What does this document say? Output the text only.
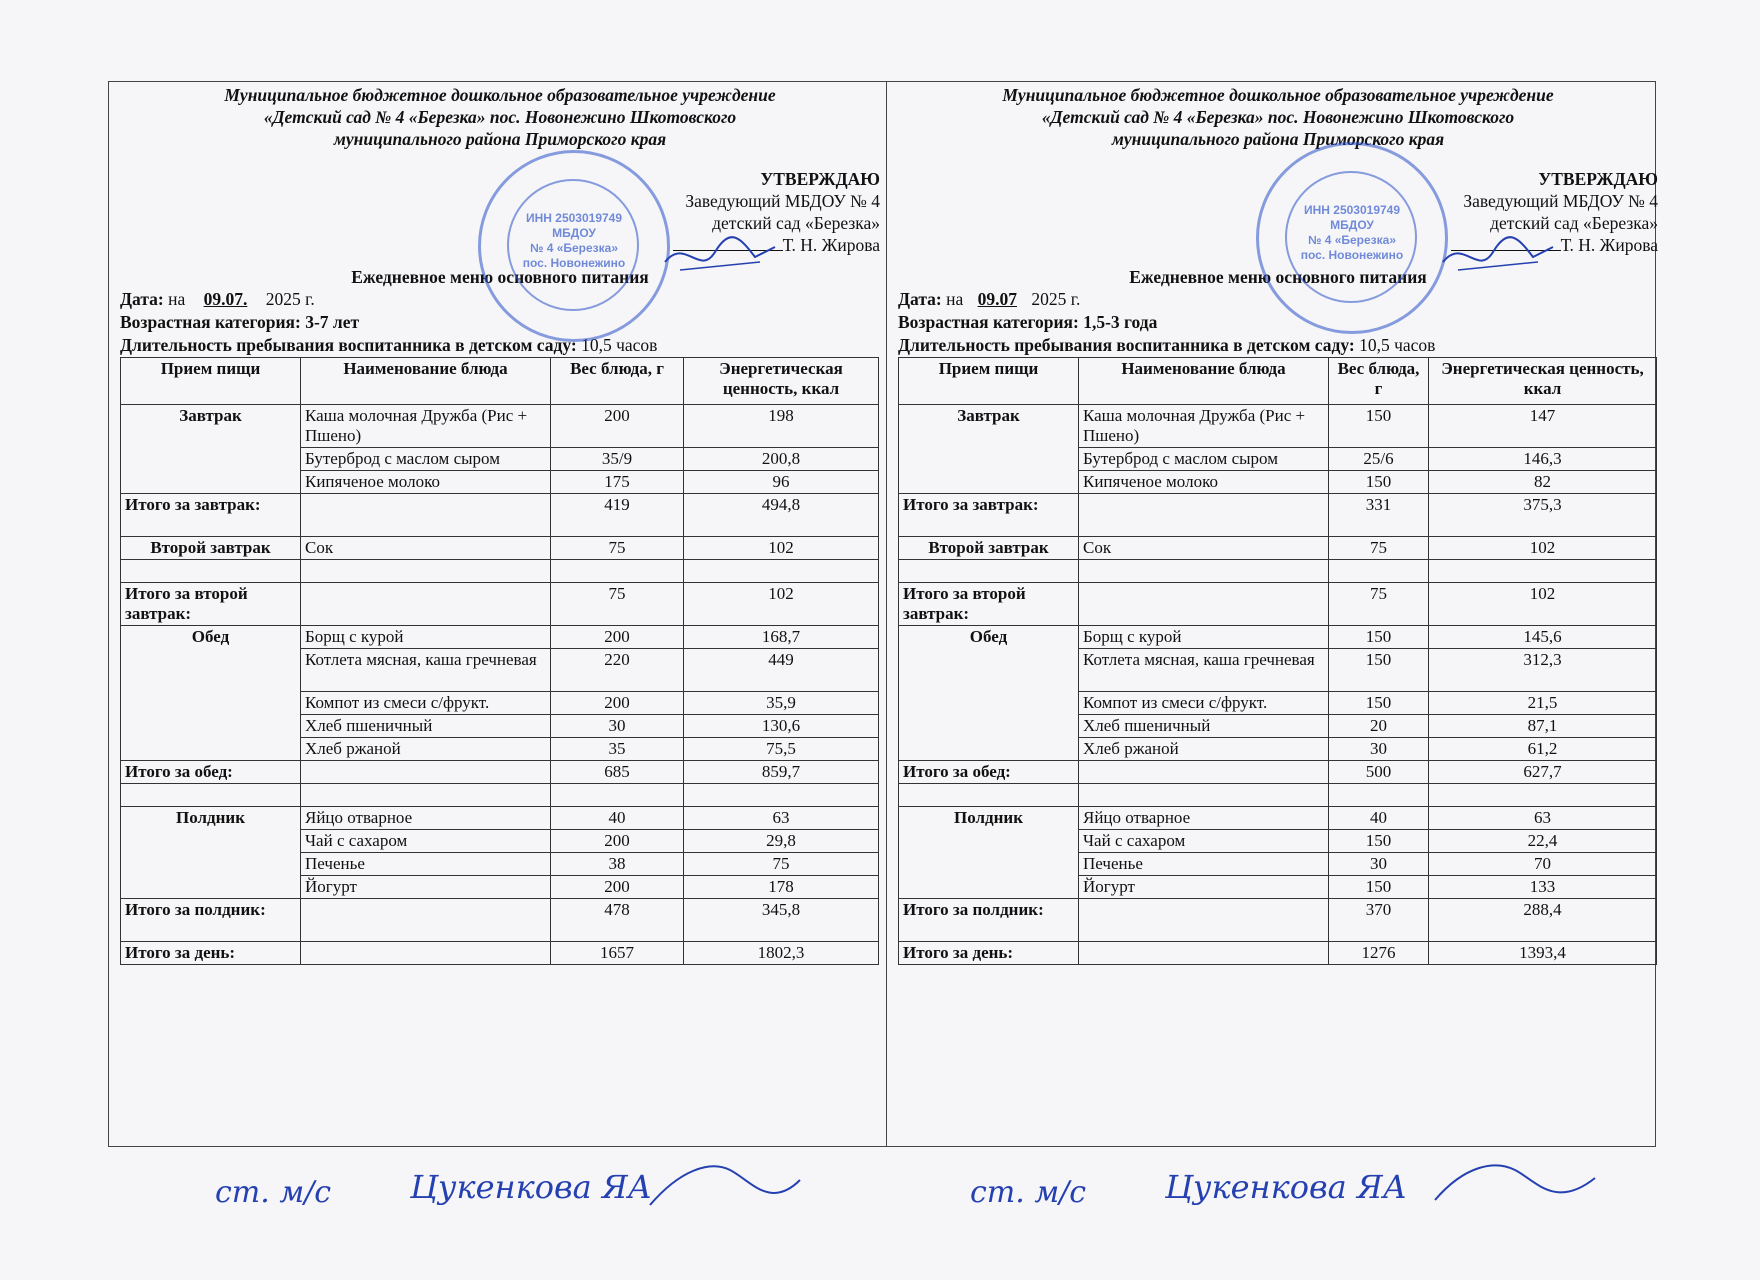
Муниципальное бюджетное дошкольное образовательное учреждение
«Детский сад № 4 «Березка» пос. Новонежино Шкотовского
муниципального района Приморского края
УТВЕРЖДАЮ
Заведующий МБДОУ № 4
детский сад «Березка»
Т. Н. Жирова
Ежедневное меню основного питания
Дата: на 09.07. 2025 г.
Возрастная категория: 3-7 лет
Длительность пребывания воспитанника в детском саду: 10,5 часов
Прием пищи	Наименование блюда	Вес блюда, г	Энергетическая ценность, ккал
Завтрак	Каша молочная Дружба (Рис + Пшено)	200	198
	Бутерброд с маслом сыром	35/9	200,8
	Кипяченое молоко	175	96
Итого за завтрак:		419	494,8
Второй завтрак	Сок	75	102

Итого за второй завтрак:		75	102
Обед	Борщ с курой	200	168,7
	Котлета мясная, каша гречневая	220	449
	Компот из смеси с/фрукт.	200	35,9
	Хлеб пшеничный	30	130,6
	Хлеб ржаной	35	75,5
Итого за обед:		685	859,7

Полдник	Яйцо отварное	40	63
	Чай с сахаром	200	29,8
	Печенье	38	75
	Йогурт	200	178
Итого за полдник:		478	345,8
Итого за день:		1657	1802,3
Муниципальное бюджетное дошкольное образовательное учреждение
«Детский сад № 4 «Березка» пос. Новонежино Шкотовского
муниципального района Приморского края
УТВЕРЖДАЮ
Заведующий МБДОУ № 4
детский сад «Березка»
Т. Н. Жирова
Ежедневное меню основного питания
Дата: на 09.07 2025 г.
Возрастная категория: 1,5-3 года
Длительность пребывания воспитанника в детском саду: 10,5 часов
Прием пищи	Наименование блюда	Вес блюда, г	Энергетическая ценность, ккал
Завтрак	Каша молочная Дружба (Рис + Пшено)	150	147
	Бутерброд с маслом сыром	25/6	146,3
	Кипяченое молоко	150	82
Итого за завтрак:		331	375,3
Второй завтрак	Сок	75	102

Итого за второй завтрак:		75	102
Обед	Борщ с курой	150	145,6
	Котлета мясная, каша гречневая	150	312,3
	Компот из смеси с/фрукт.	150	21,5
	Хлеб пшеничный	20	87,1
	Хлеб ржаной	30	61,2
Итого за обед:		500	627,7

Полдник	Яйцо отварное	40	63
	Чай с сахаром	150	22,4
	Печенье	30	70
	Йогурт	150	133
Итого за полдник:		370	288,4
Итого за день:		1276	1393,4
ИНН 2503019749
МБДОУ
№ 4 «Березка»
пос. Новонежино
ИНН 2503019749
МБДОУ
№ 4 «Березка»
пос. Новонежино
ст. м/с Цукенкова ЯА	ст. м/с Цукенкова ЯА
